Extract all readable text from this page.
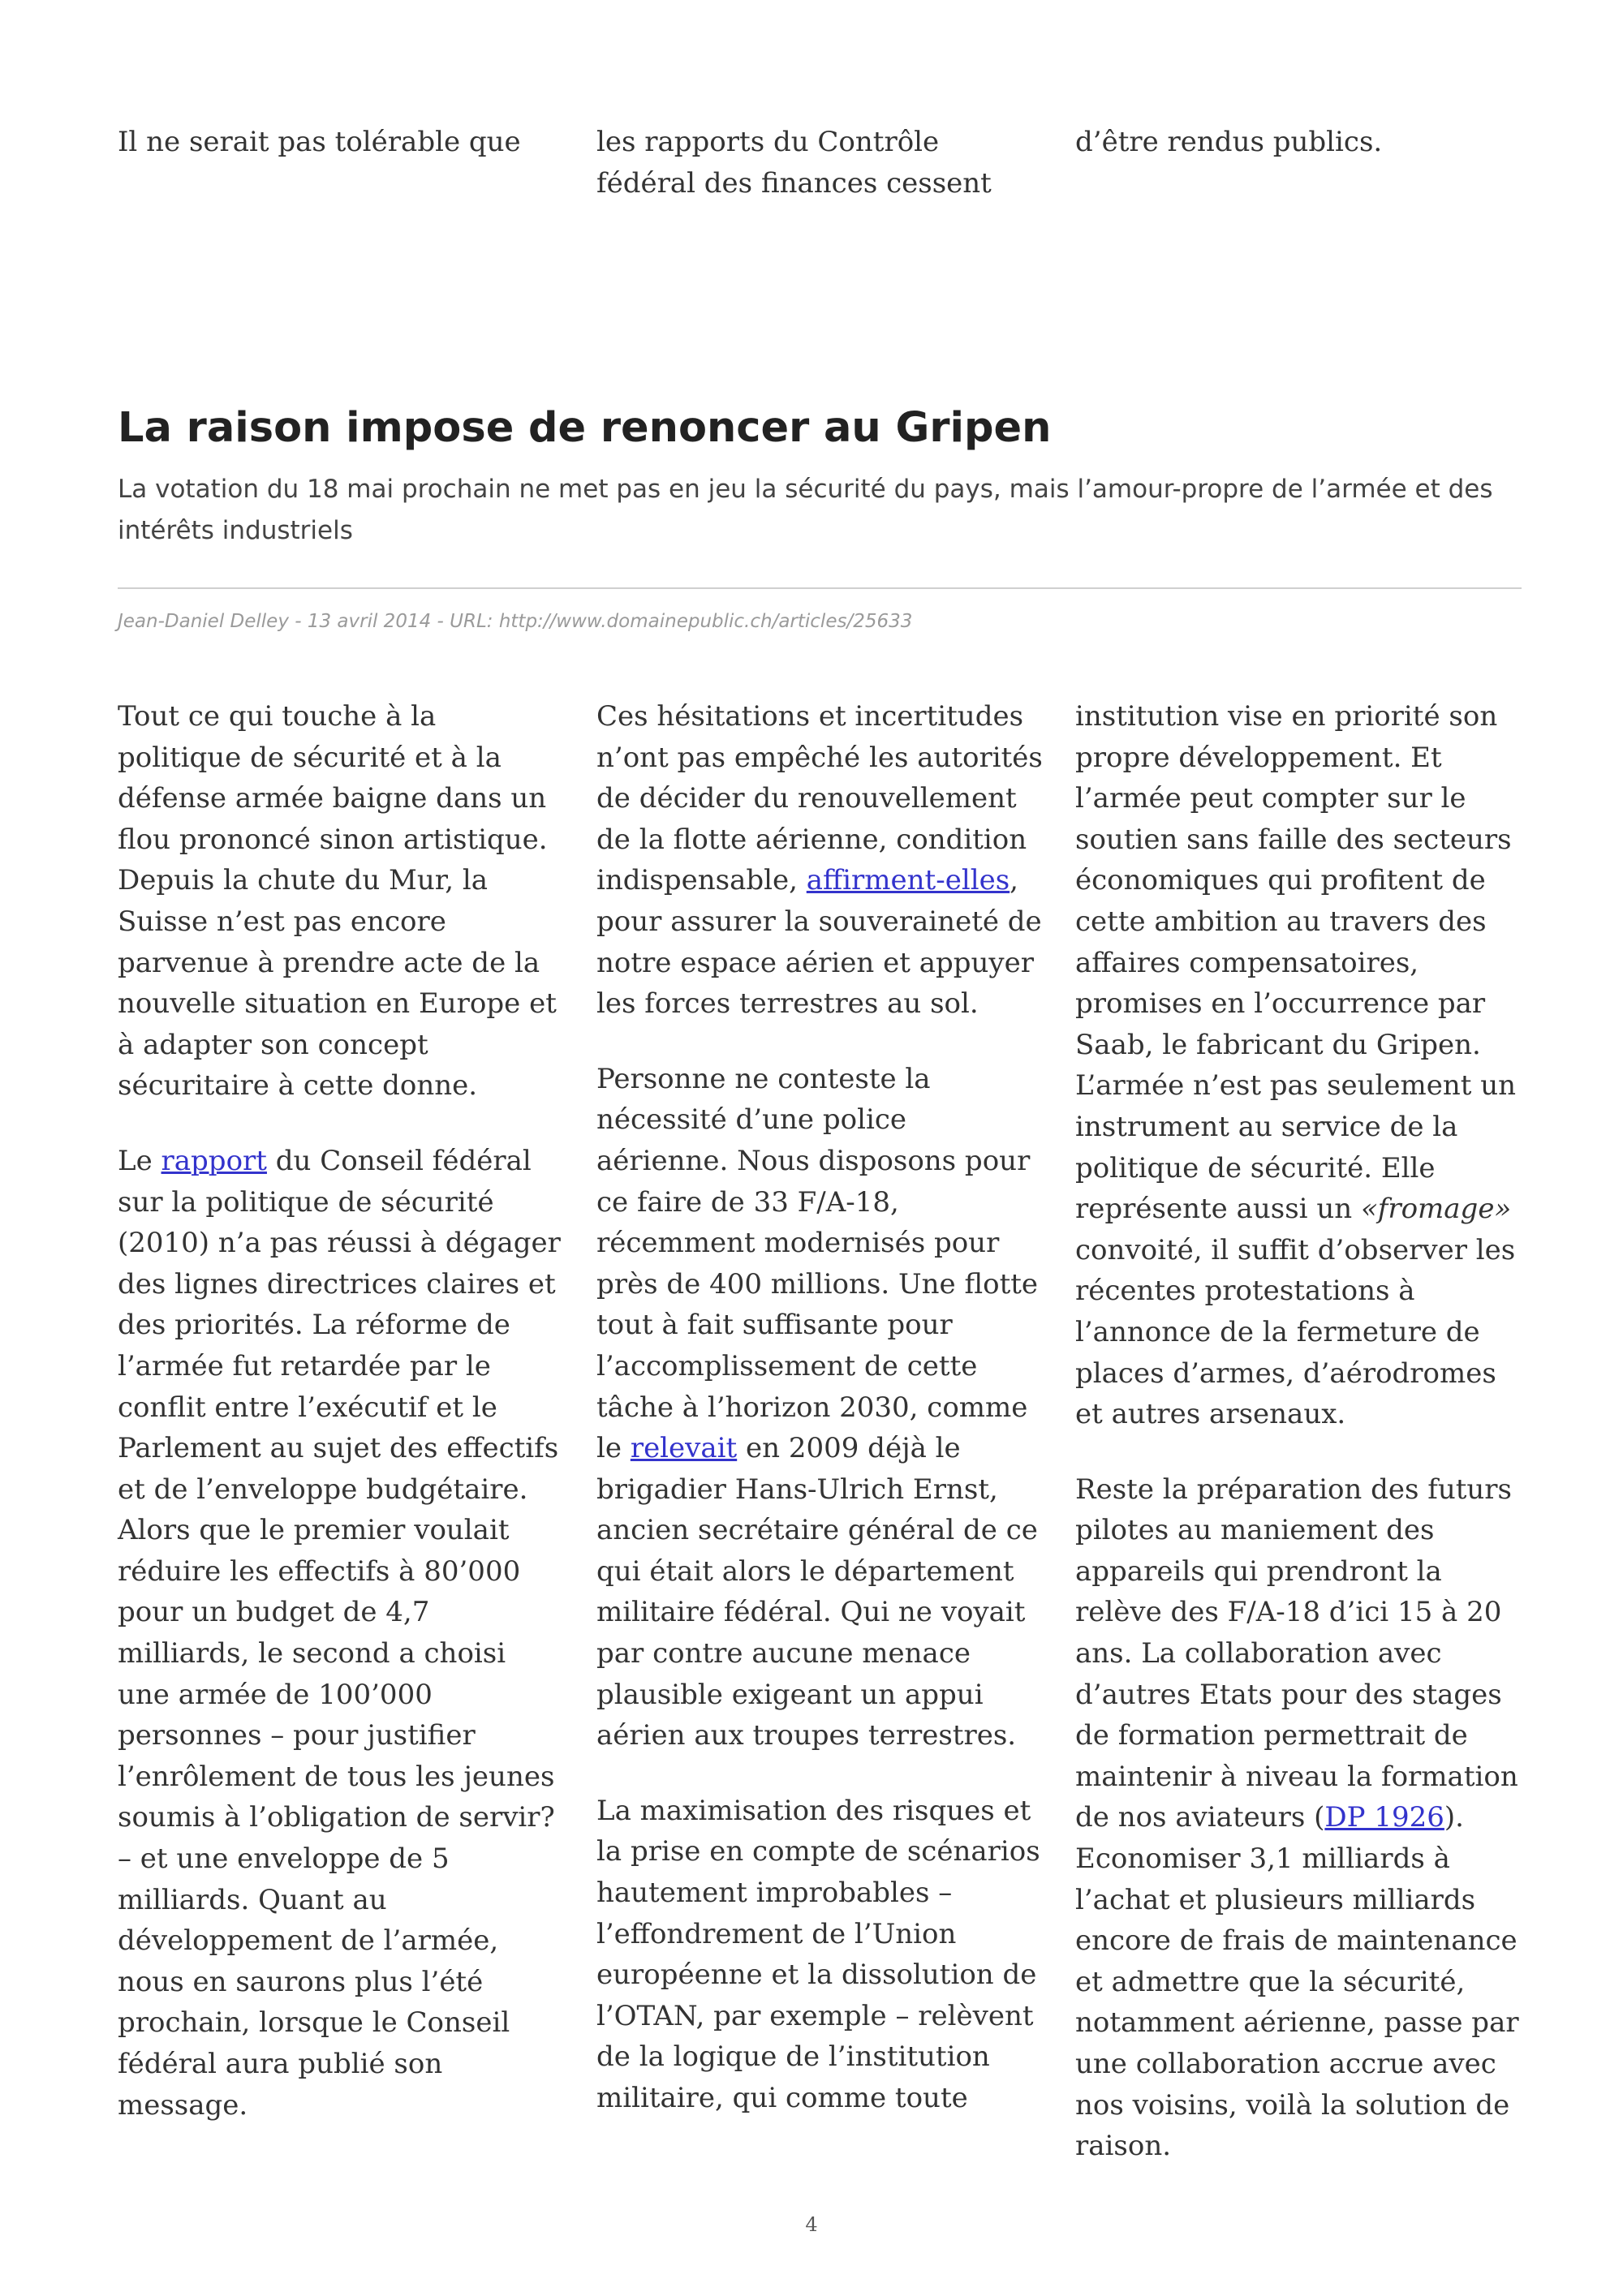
Il ne serait pas tolérable que	les rapports du Contrôle fédéral des finances cessent

d’être rendus publics.

La raison impose de renoncer au Gripen

La votation du 18 mai prochain ne met pas en jeu la sécurité du pays, mais l’amour-propre de l’armée et des intérêts industriels

Jean-Daniel Delley - 13 avril 2014 - URL: http://www.domainepublic.ch/articles/25633

Tout ce qui touche à la politique de sécurité et à la défense armée baigne dans un flou prononcé sinon artistique. Depuis la chute du Mur, la Suisse n’est pas encore parvenue à prendre acte de la nouvelle situation en Europe et à adapter son concept sécuritaire à cette donne.

Le rapport du Conseil fédéral sur la politique de sécurité (2010) n’a pas réussi à dégager des lignes directrices claires et des priorités. La réforme de l’armée fut retardée par le conflit entre l’exécutif et le Parlement au sujet des effectifs et de l’enveloppe budgétaire. Alors que le premier voulait réduire les effectifs à 80’000 pour un budget de 4,7 milliards, le second a choisi une armée de 100’000 personnes – pour justifier l’enrôlement de tous les jeunes soumis à l’obligation de servir? – et une enveloppe de 5 milliards. Quant au développement de l’armée, nous en saurons plus l’été prochain, lorsque le Conseil fédéral aura publié son message.

Ces hésitations et incertitudes n’ont pas empêché les autorités de décider du renouvellement de la flotte aérienne, condition indispensable, affirment-elles, pour assurer la souveraineté de notre espace aérien et appuyer les forces terrestres au sol.

Personne ne conteste la nécessité d’une police aérienne. Nous disposons pour ce faire de 33 F/A-18, récemment modernisés pour près de 400 millions. Une flotte tout à fait suffisante pour l’accomplissement de cette tâche à l’horizon 2030, comme le relevait en 2009 déjà le brigadier Hans-Ulrich Ernst, ancien secrétaire général de ce qui était alors le département militaire fédéral. Qui ne voyait par contre aucune menace plausible exigeant un appui aérien aux troupes terrestres.

La maximisation des risques et la prise en compte de scénarios hautement improbables – l’effondrement de l’Union européenne et la dissolution de l’OTAN, par exemple – relèvent de la logique de l’institution militaire, qui comme toute

institution vise en priorité son propre développement. Et l’armée peut compter sur le soutien sans faille des secteurs économiques qui profitent de cette ambition au travers des affaires compensatoires, promises en l’occurrence par Saab, le fabricant du Gripen. L’armée n’est pas seulement un instrument au service de la politique de sécurité. Elle représente aussi un «fromage» convoité, il suffit d’observer les récentes protestations à l’annonce de la fermeture de places d’armes, d’aérodromes et autres arsenaux.

Reste la préparation des futurs pilotes au maniement des appareils qui prendront la relève des F/A-18 d’ici 15 à 20 ans. La collaboration avec d’autres Etats pour des stages de formation permettrait de maintenir à niveau la formation de nos aviateurs (DP 1926). Economiser 3,1 milliards à l’achat et plusieurs milliards encore de frais de maintenance et admettre que la sécurité, notamment aérienne, passe par une collaboration accrue avec nos voisins, voilà la solution de raison.

4
